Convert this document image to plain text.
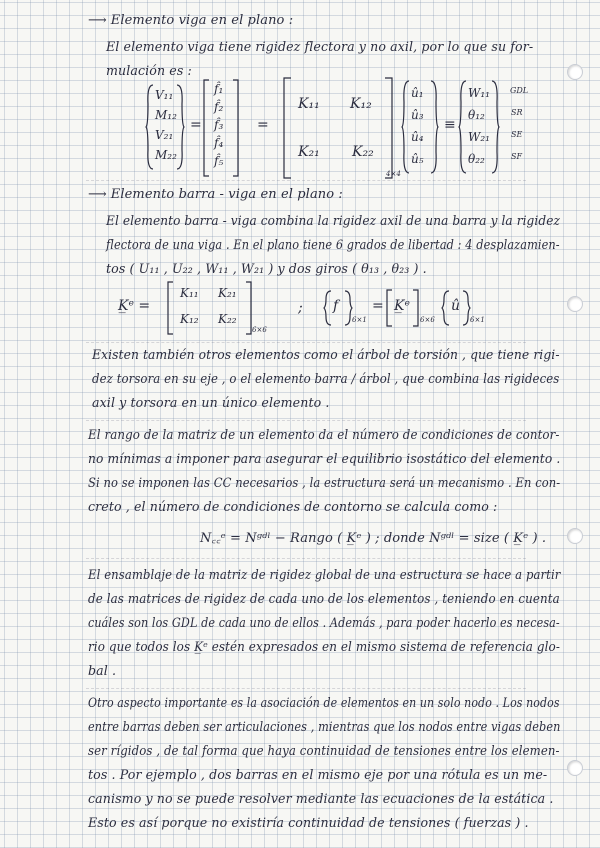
⟶ Elemento viga en el plano :
El elemento viga tiene rigidez flectora y no axil, por lo que su for-
mulación es :
V₁₁
M₁₂
V₂₁
M₂₂
=
f̂₁
f̂₂
f̂₃
f̂₄
f̂₅
=
K₁₁ K₁₂
K₂₁ K₂₂
4×4
û₁
û₃
û₄
û₅
≡
W₁₁
θ₁₂
W₂₁
θ₂₂
GDL
SR
SE
SF
⟶ Elemento barra - viga en el plano :
El elemento barra - viga combina la rigidez axil de una barra y la rigidez
flectora de una viga . En el plano tiene 6 grados de libertad : 4 desplazamien-
tos ( U₁₁ , U₂₂ , W₁₁ , W₂₁ ) y dos giros ( θ₁₃ , θ₂₃ ) .
K̲ᵉ =
K₁₁ K₂₁
K₁₂ K₂₂
6×6
; f
6×1
= K̲ᵉ
6×6
û
6×1
Existen también otros elementos como el árbol de torsión , que tiene rigi-
dez torsora en su eje , o el elemento barra / árbol , que combina las rigideces
axil y torsora en un único elemento .
El rango de la matriz de un elemento da el número de condiciones de contor-
no mínimas a imponer para asegurar el equilibrio isostático del elemento .
Si no se imponen las CC necesarios , la estructura será un mecanismo . En con-
creto , el número de condiciones de contorno se calcula como :
N꜀꜀ᵉ = Nᵍᵈˡ − Rango ( K̲ᵉ ) ; donde Nᵍᵈˡ = size ( K̲ᵉ ) .
El ensamblaje de la matriz de rigidez global de una estructura se hace a partir
de las matrices de rigidez de cada uno de los elementos , teniendo en cuenta
cuáles son los GDL de cada uno de ellos . Además , para poder hacerlo es necesa-
rio que todos los K̲ᵉ estén expresados en el mismo sistema de referencia glo-
bal .
Otro aspecto importante es la asociación de elementos en un solo nodo . Los nodos
entre barras deben ser articulaciones , mientras que los nodos entre vigas deben
ser rígidos , de tal forma que haya continuidad de tensiones entre los elemen-
tos . Por ejemplo , dos barras en el mismo eje por una rótula es un me-
canismo y no se puede resolver mediante las ecuaciones de la estática .
Esto es así porque no existiría continuidad de tensiones ( fuerzas ) .
